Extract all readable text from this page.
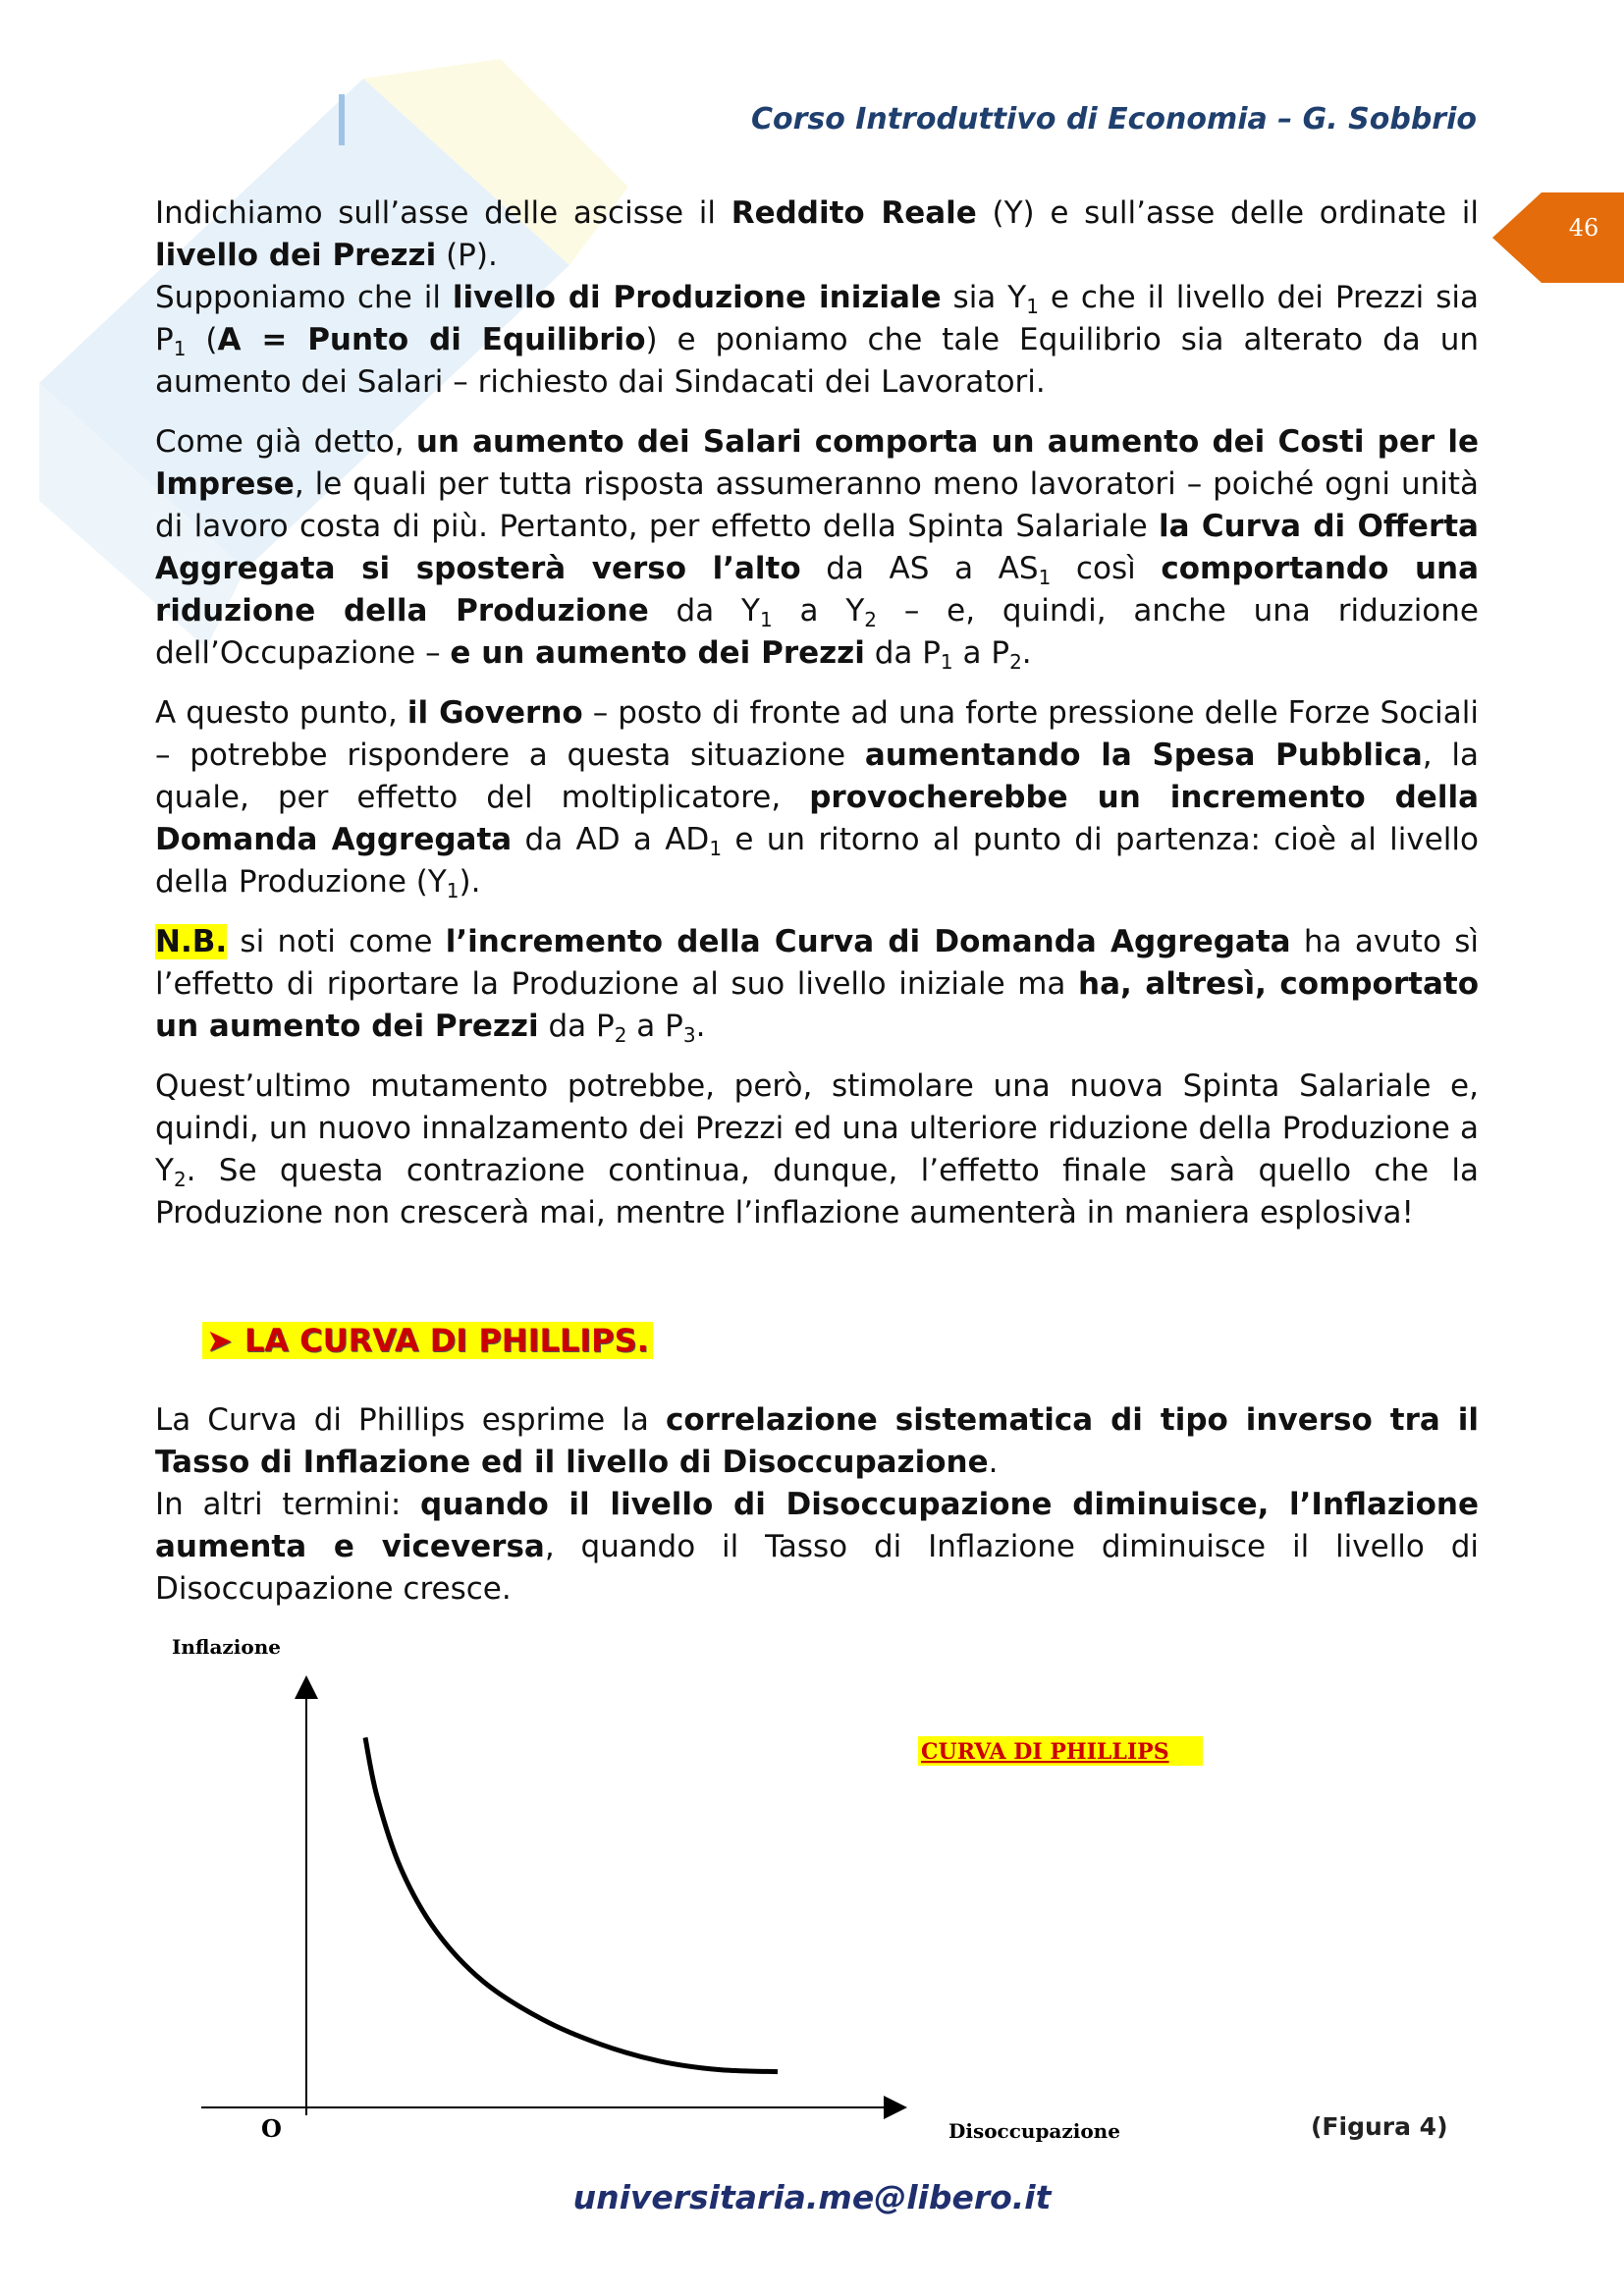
Corso Introduttivo di Economia – G. Sobbrio
46

Indichiamo sull’asse delle ascisse il Reddito Reale (Y) e sull’asse delle ordinate il livello dei Prezzi (P).

Supponiamo che il livello di Produzione iniziale sia $Y_1$ e che il livello dei Prezzi sia $P_1$ (A = Punto di Equilibrio) e poniamo che tale Equilibrio sia alterato da un aumento dei Salari – richiesto dai Sindacati dei Lavoratori.

Come già detto, un aumento dei Salari comporta un aumento dei Costi per le Imprese, le quali per tutta risposta assumeranno meno lavoratori – poiché ogni unità di lavoro costa di più. Pertanto, per effetto della Spinta Salariale la Curva di Offerta Aggregata si sposterà verso l’alto da AS a $AS_1$ così comportando una riduzione della Produzione da $Y_1$ a $Y_2$ – e, quindi, anche una riduzione dell’Occupazione – e un aumento dei Prezzi da $P_1$ a $P_2$.

A questo punto, il Governo – posto di fronte ad una forte pressione delle Forze Sociali – potrebbe rispondere a questa situazione aumentando la Spesa Pubblica, la quale, per effetto del moltiplicatore, provocherebbe un incremento della Domanda Aggregata da AD a $AD_1$ e un ritorno al punto di partenza: cioè al livello della Produzione $(Y_1)$.

N.B. si noti come l’incremento della Curva di Domanda Aggregata ha avuto sì l’effetto di riportare la Produzione al suo livello iniziale ma ha, altresì, comportato un aumento dei Prezzi da $P_2$ a $P_3$.

Quest’ultimo mutamento potrebbe, però, stimolare una nuova Spinta Salariale e, quindi, un nuovo innalzamento dei Prezzi ed una ulteriore riduzione della Produzione a $Y_2$. Se questa contrazione continua, dunque, l’effetto finale sarà quello che la Produzione non crescerà mai, mentre l’inflazione aumenterà in maniera esplosiva!

➤ LA CURVA DI PHILLIPS.

La Curva di Phillips esprime la correlazione sistematica di tipo inverso tra il Tasso di Inflazione ed il livello di Disoccupazione.

In altri termini: quando il livello di Disoccupazione diminuisce, l’Inflazione aumenta e viceversa, quando il Tasso di Inflazione diminuisce il livello di Disoccupazione cresce.

Inflazione
Disoccupazione
O
CURVA DI PHILLIPS
(Figura 4)
universitaria.me@libero.it
